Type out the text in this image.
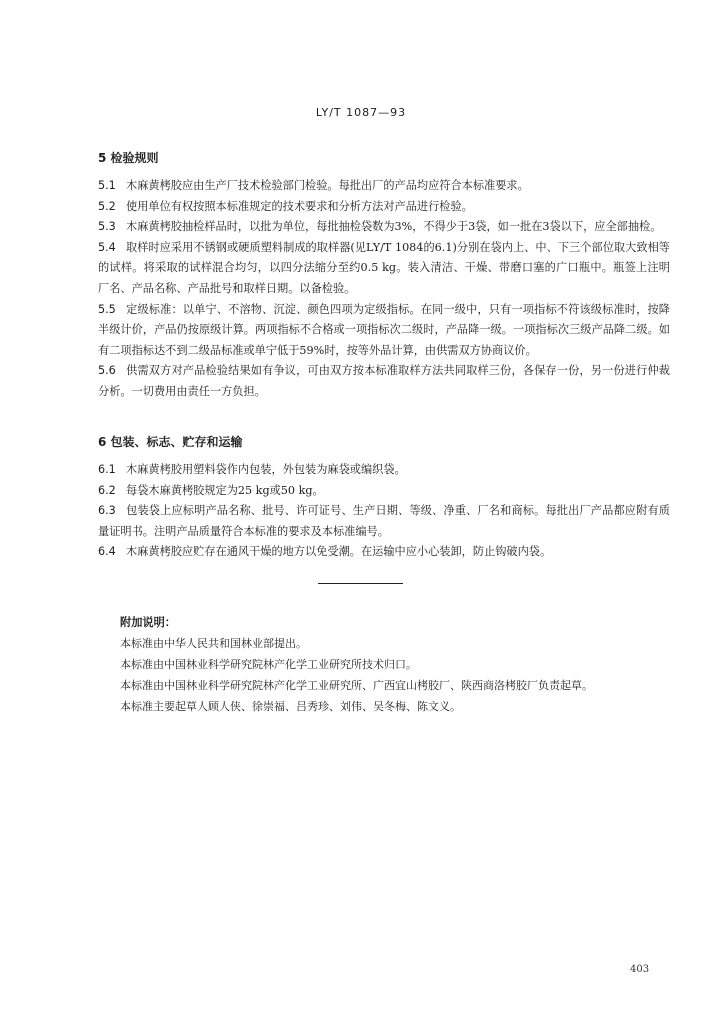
LY/T 1087—93
5 检验规则
5.1 木麻黄栲胶应由生产厂技术检验部门检验。每批出厂的产品均应符合本标准要求。
5.2 使用单位有权按照本标准规定的技术要求和分析方法对产品进行检验。
5.3 木麻黄栲胶抽检样品时，以批为单位，每批抽检袋数为3%，不得少于3袋，如一批在3袋以下，应全部抽检。
5.4 取样时应采用不锈钢或硬质塑料制成的取样器(见LY/T 1084的6.1)分别在袋内上、中、下三个部位取大致相等的试样。将采取的试样混合均匀，以四分法缩分至约0.5 kg。装入清洁、干燥、带磨口塞的广口瓶中。瓶签上注明厂名、产品名称、产品批号和取样日期。以备检验。
5.5 定级标准：以单宁、不溶物、沉淀、颜色四项为定级指标。在同一级中，只有一项指标不符该级标准时，按降半级计价，产品仍按原级计算。两项指标不合格或一项指标次二级时，产品降一级。一项指标次三级产品降二级。如有二项指标达不到二级品标准或单宁低于59%时，按等外品计算，由供需双方协商议价。
5.6 供需双方对产品检验结果如有争议，可由双方按本标准取样方法共同取样三份，各保存一份，另一份进行仲裁分析。一切费用由责任一方负担。
6 包装、标志、贮存和运输
6.1 木麻黄栲胶用塑料袋作内包装，外包装为麻袋或编织袋。
6.2 每袋木麻黄栲胶规定为25 kg或50 kg。
6.3 包装袋上应标明产品名称、批号、许可证号、生产日期、等级、净重、厂名和商标。每批出厂产品都应附有质量证明书。注明产品质量符合本标准的要求及本标准编号。
6.4 木麻黄栲胶应贮存在通风干燥的地方以免受潮。在运输中应小心装卸，防止钩破内袋。
附加说明：
本标准由中华人民共和国林业部提出。
本标准由中国林业科学研究院林产化学工业研究所技术归口。
本标准由中国林业科学研究院林产化学工业研究所、广西宜山栲胶厂、陕西商洛栲胶厂负责起草。
本标准主要起草人顾人侠、徐崇福、吕秀珍、刘伟、吴冬梅、陈文义。
403
